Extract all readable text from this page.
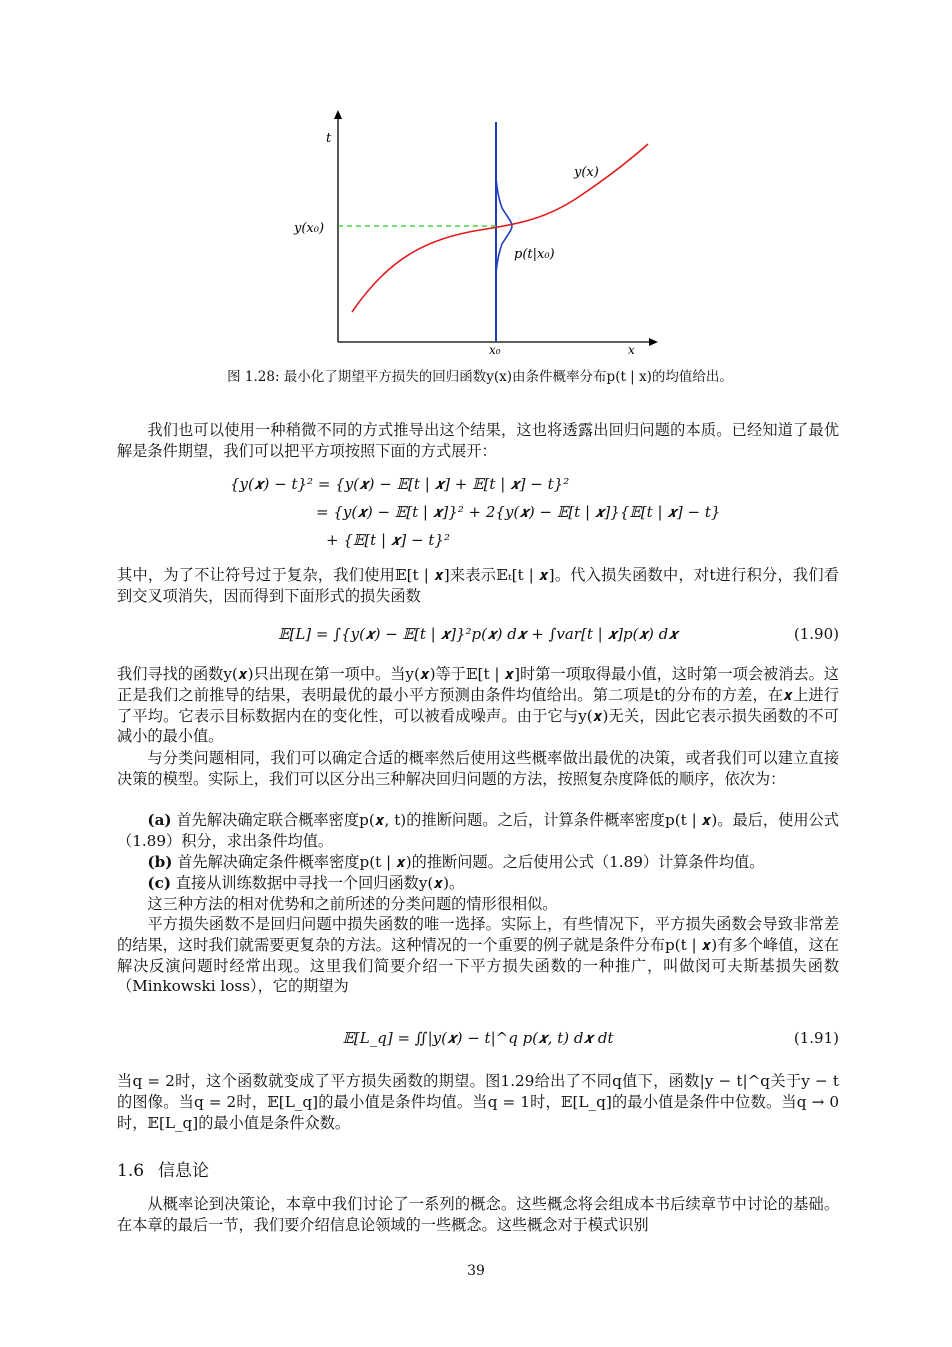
t
y(x₀)
y(x)
p(t|x₀)
x₀	x
图 1.28: 最小化了期望平方损失的回归函数y(x)由条件概率分布p(t | x)的均值给出。

我们也可以使用一种稍微不同的方式推导出这个结果，这也将透露出回归问题的本质。已经知道了最优解是条件期望，我们可以把平方项按照下面的方式展开：

{y(𝒙) − t}² = {y(𝒙) − 𝔼[t | 𝒙] + 𝔼[t | 𝒙] − t}²
= {y(𝒙) − 𝔼[t | 𝒙]}² + 2{y(𝒙) − 𝔼[t | 𝒙]}{𝔼[t | 𝒙] − t}
+ {𝔼[t | 𝒙] − t}²

其中，为了不让符号过于复杂，我们使用𝔼[t | 𝒙]来表示𝔼ₜ[t | 𝒙]。代入损失函数中，对t进行积分，我们看到交叉项消失，因而得到下面形式的损失函数

𝔼[L] = ∫{y(𝒙) − 𝔼[t | 𝒙]}²p(𝒙) d𝒙 + ∫var[t | 𝒙]p(𝒙) d𝒙	(1.90)

我们寻找的函数y(𝒙)只出现在第一项中。当y(𝒙)等于𝔼[t | 𝒙]时第一项取得最小值，这时第一项会被消去。这正是我们之前推导的结果，表明最优的最小平方预测由条件均值给出。第二项是t的分布的方差，在𝒙上进行了平均。它表示目标数据内在的变化性，可以被看成噪声。由于它与y(𝒙)无关，因此它表示损失函数的不可减小的最小值。

与分类问题相同，我们可以确定合适的概率然后使用这些概率做出最优的决策，或者我们可以建立直接决策的模型。实际上，我们可以区分出三种解决回归问题的方法，按照复杂度降低的顺序，依次为：

(a) 首先解决确定联合概率密度p(𝒙, t)的推断问题。之后，计算条件概率密度p(t | 𝒙)。最后，使用公式（1.89）积分，求出条件均值。

(b) 首先解决确定条件概率密度p(t | 𝒙)的推断问题。之后使用公式（1.89）计算条件均值。

(c) 直接从训练数据中寻找一个回归函数y(𝒙)。

这三种方法的相对优势和之前所述的分类问题的情形很相似。

平方损失函数不是回归问题中损失函数的唯一选择。实际上，有些情况下，平方损失函数会导致非常差的结果，这时我们就需要更复杂的方法。这种情况的一个重要的例子就是条件分布p(t | 𝒙)有多个峰值，这在解决反演问题时经常出现。这里我们简要介绍一下平方损失函数的一种推广，叫做闵可夫斯基损失函数（Minkowski loss），它的期望为

𝔼[L_q] = ∬|y(𝒙) − t|^q p(𝒙, t) d𝒙 dt	(1.91)

当q = 2时，这个函数就变成了平方损失函数的期望。图1.29给出了不同q值下，函数|y − t|^q关于y − t的图像。当q = 2时，𝔼[L_q]的最小值是条件均值。当q = 1时，𝔼[L_q]的最小值是条件中位数。当q → 0时，𝔼[L_q]的最小值是条件众数。

1.6 信息论

从概率论到决策论，本章中我们讨论了一系列的概念。这些概念将会组成本书后续章节中讨论的基础。在本章的最后一节，我们要介绍信息论领域的一些概念。这些概念对于模式识别

39
